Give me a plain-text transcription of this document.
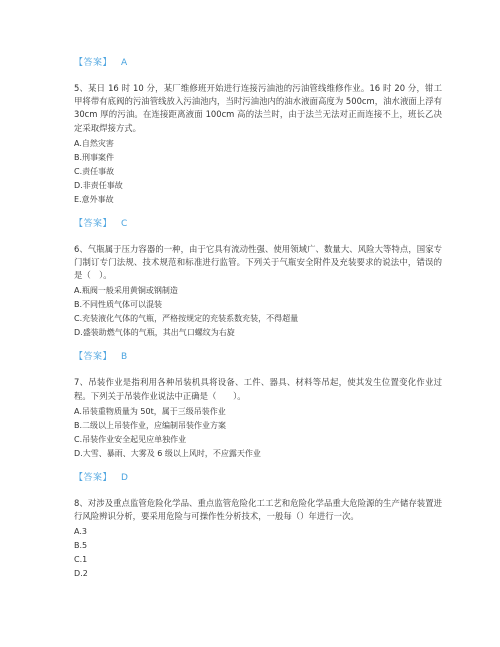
【答案】 A
5、某日 16 时 10 分，某厂维修班开始进行连接污油池的污油管线维修作业。16 时 20 分，钳工甲将带有底阀的污油管线放入污油池内，当时污油池内的油水液面高度为 500cm，油水液面上浮有 30cm 厚的污油。在连接距离液面 100cm 高的法兰时，由于法兰无法对正而连接不上，班长乙决定采取焊接方式。
A.自然灾害
B.刑事案件
C.责任事故
D.非责任事故
E.意外事故
【答案】 C
6、气瓶属于压力容器的一种，由于它具有流动性强、使用领域广、数量大、风险大等特点，国家专门制订专门法规、技术规范和标准进行监管。下列关于气瓶安全附件及充装要求的说法中，错误的是（　）。
A.瓶阀一般采用黄铜或钢制造
B.不同性质气体可以混装
C.充装液化气体的气瓶，严格按规定的充装系数充装，不得超量
D.盛装助燃气体的气瓶，其出气口螺纹为右旋
【答案】 B
7、吊装作业是指利用各种吊装机具将设备、工件、器具、材料等吊起，使其发生位置变化作业过程。下列关于吊装作业说法中正确是（　　）。
A.吊装重物质量为 50t，属于三级吊装作业
B.二级以上吊装作业，应编制吊装作业方案
C.吊装作业安全起见应单独作业
D.大雪、暴雨、大雾及 6 级以上风时，不应露天作业
【答案】 D
8、对涉及重点监管危险化学品、重点监管危险化工工艺和危险化学品重大危险源的生产储存装置进行风险辨识分析，要采用危险与可操作性分析技术，一般每（）年进行一次。
A.3
B.5
C.1
D.2
